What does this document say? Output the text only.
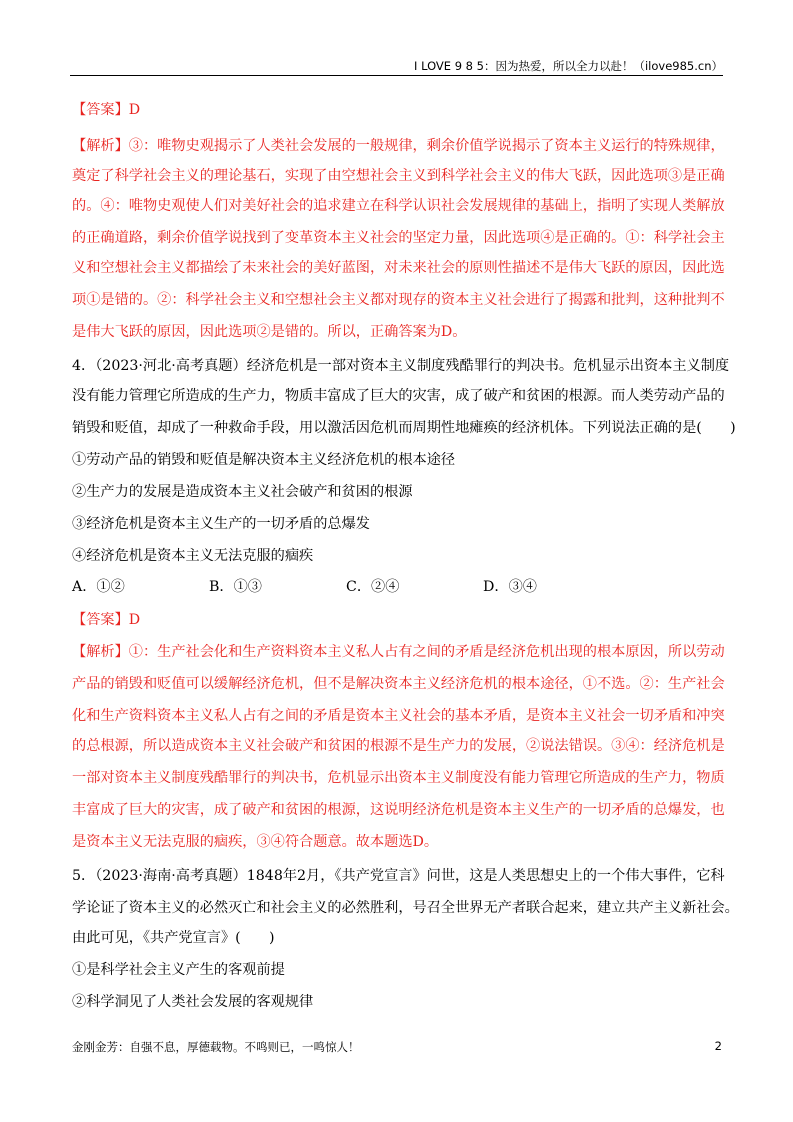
I LOVE 9 8 5：因为热爱，所以全力以赴！（ilove985.cn）
【答案】D
【解析】③：唯物史观揭示了人类社会发展的一般规律，剩余价值学说揭示了资本主义运行的特殊规律，
奠定了科学社会主义的理论基石，实现了由空想社会主义到科学社会主义的伟大飞跃，因此选项③是正确
的。④：唯物史观使人们对美好社会的追求建立在科学认识社会发展规律的基础上，指明了实现人类解放
的正确道路，剩余价值学说找到了变革资本主义社会的坚定力量，因此选项④是正确的。①：科学社会主
义和空想社会主义都描绘了未来社会的美好蓝图，对未来社会的原则性描述不是伟大飞跃的原因，因此选
项①是错的。②：科学社会主义和空想社会主义都对现存的资本主义社会进行了揭露和批判，这种批判不
是伟大飞跃的原因，因此选项②是错的。所以，正确答案为D。
4．（2023·河北·高考真题）经济危机是一部对资本主义制度残酷罪行的判决书。危机显示出资本主义制度
没有能力管理它所造成的生产力，物质丰富成了巨大的灾害，成了破产和贫困的根源。而人类劳动产品的
销毁和贬值，却成了一种救命手段，用以激活因危机而周期性地瘫痪的经济机体。下列说法正确的是(　　)
①劳动产品的销毁和贬值是解决资本主义经济危机的根本途径
②生产力的发展是造成资本主义社会破产和贫困的根源
③经济危机是资本主义生产的一切矛盾的总爆发
④经济危机是资本主义无法克服的痼疾
A．①②	B．①③	C．②④	D．③④
【答案】D
【解析】①：生产社会化和生产资料资本主义私人占有之间的矛盾是经济危机出现的根本原因，所以劳动
产品的销毁和贬值可以缓解经济危机，但不是解决资本主义经济危机的根本途径，①不选。②：生产社会
化和生产资料资本主义私人占有之间的矛盾是资本主义社会的基本矛盾，是资本主义社会一切矛盾和冲突
的总根源，所以造成资本主义社会破产和贫困的根源不是生产力的发展，②说法错误。③④：经济危机是
一部对资本主义制度残酷罪行的判决书，危机显示出资本主义制度没有能力管理它所造成的生产力，物质
丰富成了巨大的灾害，成了破产和贫困的根源，这说明经济危机是资本主义生产的一切矛盾的总爆发，也
是资本主义无法克服的痼疾，③④符合题意。故本题选D。
5．（2023·海南·高考真题）1848年2月，《共产党宣言》问世，这是人类思想史上的一个伟大事件，它科
学论证了资本主义的必然灭亡和社会主义的必然胜利，号召全世界无产者联合起来，建立共产主义新社会。
由此可见，《共产党宣言》(　　)
①是科学社会主义产生的客观前提
②科学洞见了人类社会发展的客观规律
金刚金芳：自强不息，厚德载物。不鸣则已，一鸣惊人！	2
